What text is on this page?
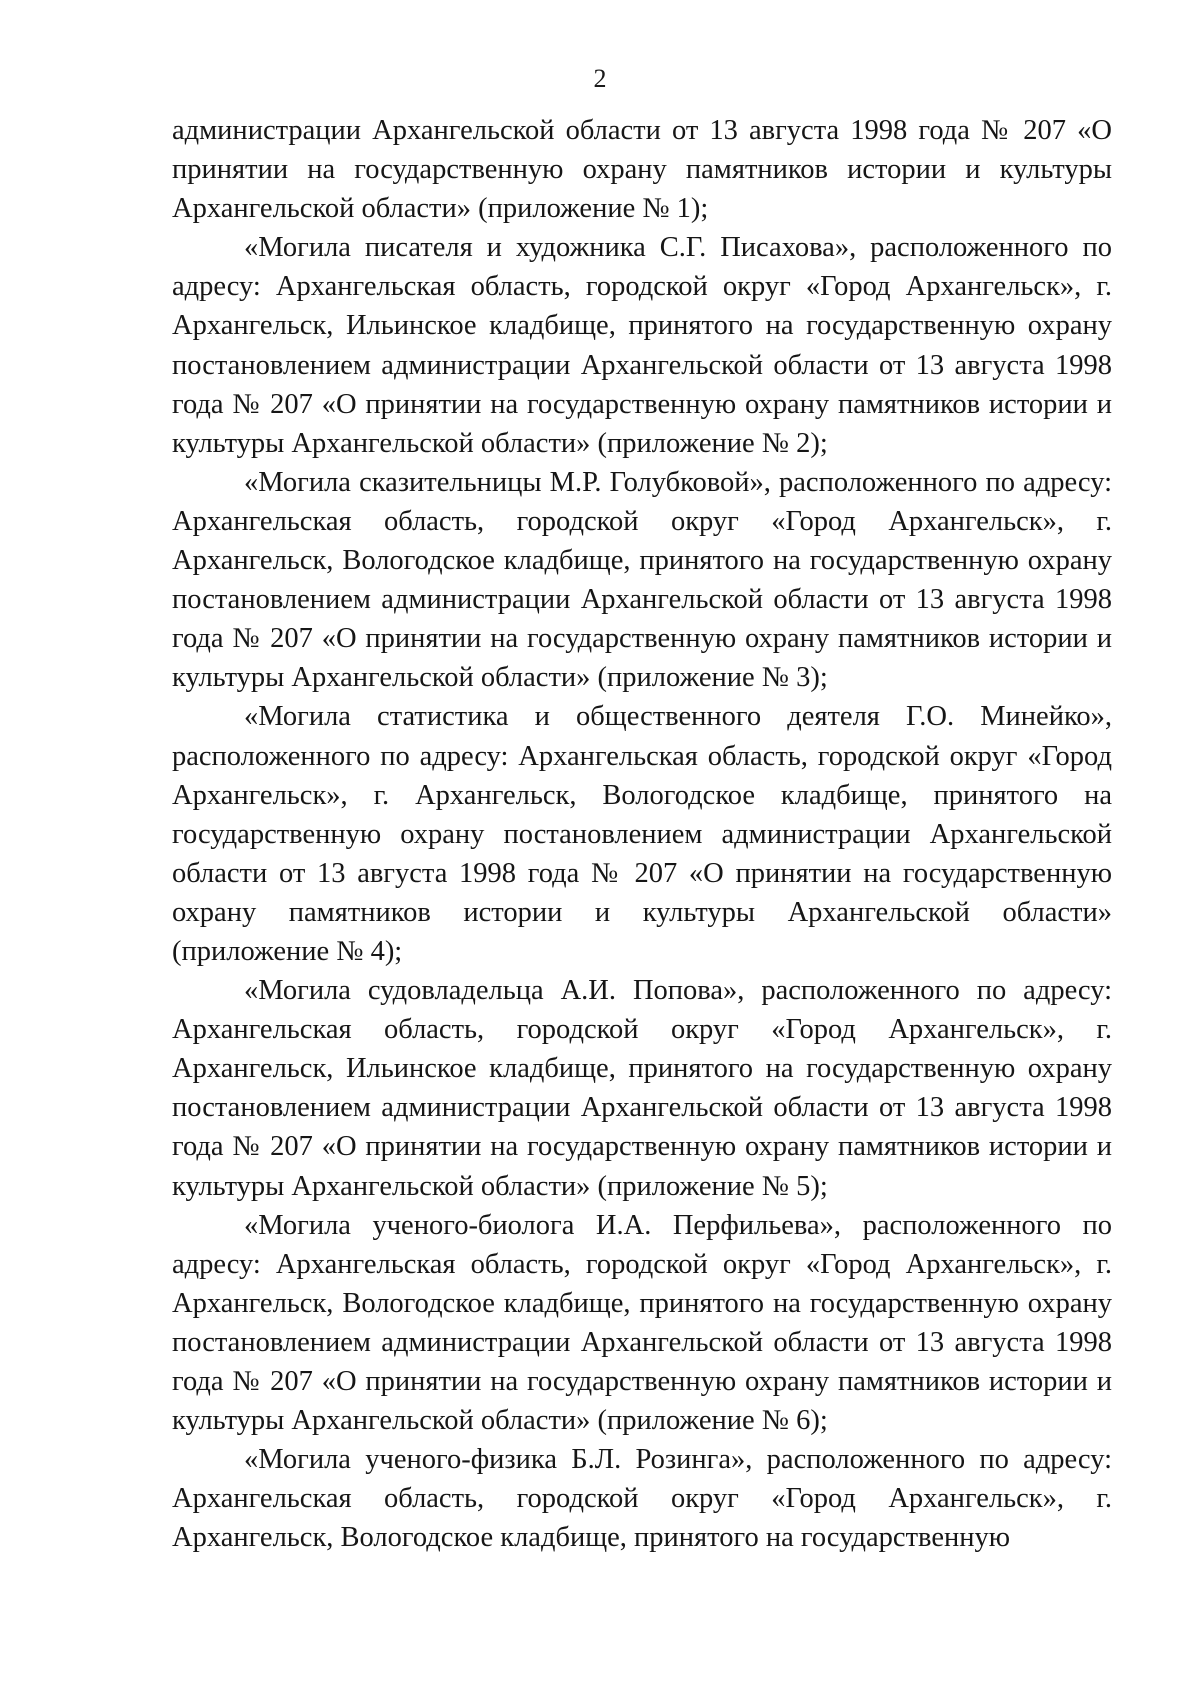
2

администрации Архангельской области от 13 августа 1998 года № 207 «О принятии на государственную охрану памятников истории и культуры Архангельской области» (приложение № 1);

«Могила писателя и художника С.Г. Писахова», расположенного по адресу: Архангельская область, городской округ «Город Архангельск», г. Архангельск, Ильинское кладбище, принятого на государственную охрану постановлением администрации Архангельской области от 13 августа 1998 года № 207 «О принятии на государственную охрану памятников истории и культуры Архангельской области» (приложение № 2);

«Могила сказительницы М.Р. Голубковой», расположенного по адресу: Архангельская область, городской округ «Город Архангельск», г. Архангельск, Вологодское кладбище, принятого на государственную охрану постановлением администрации Архангельской области от 13 августа 1998 года № 207 «О принятии на государственную охрану памятников истории и культуры Архангельской области» (приложение № 3);

«Могила статистика и общественного деятеля Г.О. Минейко», расположенного по адресу: Архангельская область, городской округ «Город Архангельск», г. Архангельск, Вологодское кладбище, принятого на государственную охрану постановлением администрации Архангельской области от 13 августа 1998 года № 207 «О принятии на государственную охрану памятников истории и культуры Архангельской области» (приложение № 4);

«Могила судовладельца А.И. Попова», расположенного по адресу: Архангельская область, городской округ «Город Архангельск», г. Архангельск, Ильинское кладбище, принятого на государственную охрану постановлением администрации Архангельской области от 13 августа 1998 года № 207 «О принятии на государственную охрану памятников истории и культуры Архангельской области» (приложение № 5);

«Могила ученого-биолога И.А. Перфильева», расположенного по адресу: Архангельская область, городской округ «Город Архангельск», г. Архангельск, Вологодское кладбище, принятого на государственную охрану постановлением администрации Архангельской области от 13 августа 1998 года № 207 «О принятии на государственную охрану памятников истории и культуры Архангельской области» (приложение № 6);

«Могила ученого-физика Б.Л. Розинга», расположенного по адресу: Архангельская область, городской округ «Город Архангельск», г. Архангельск, Вологодское кладбище, принятого на государственную
